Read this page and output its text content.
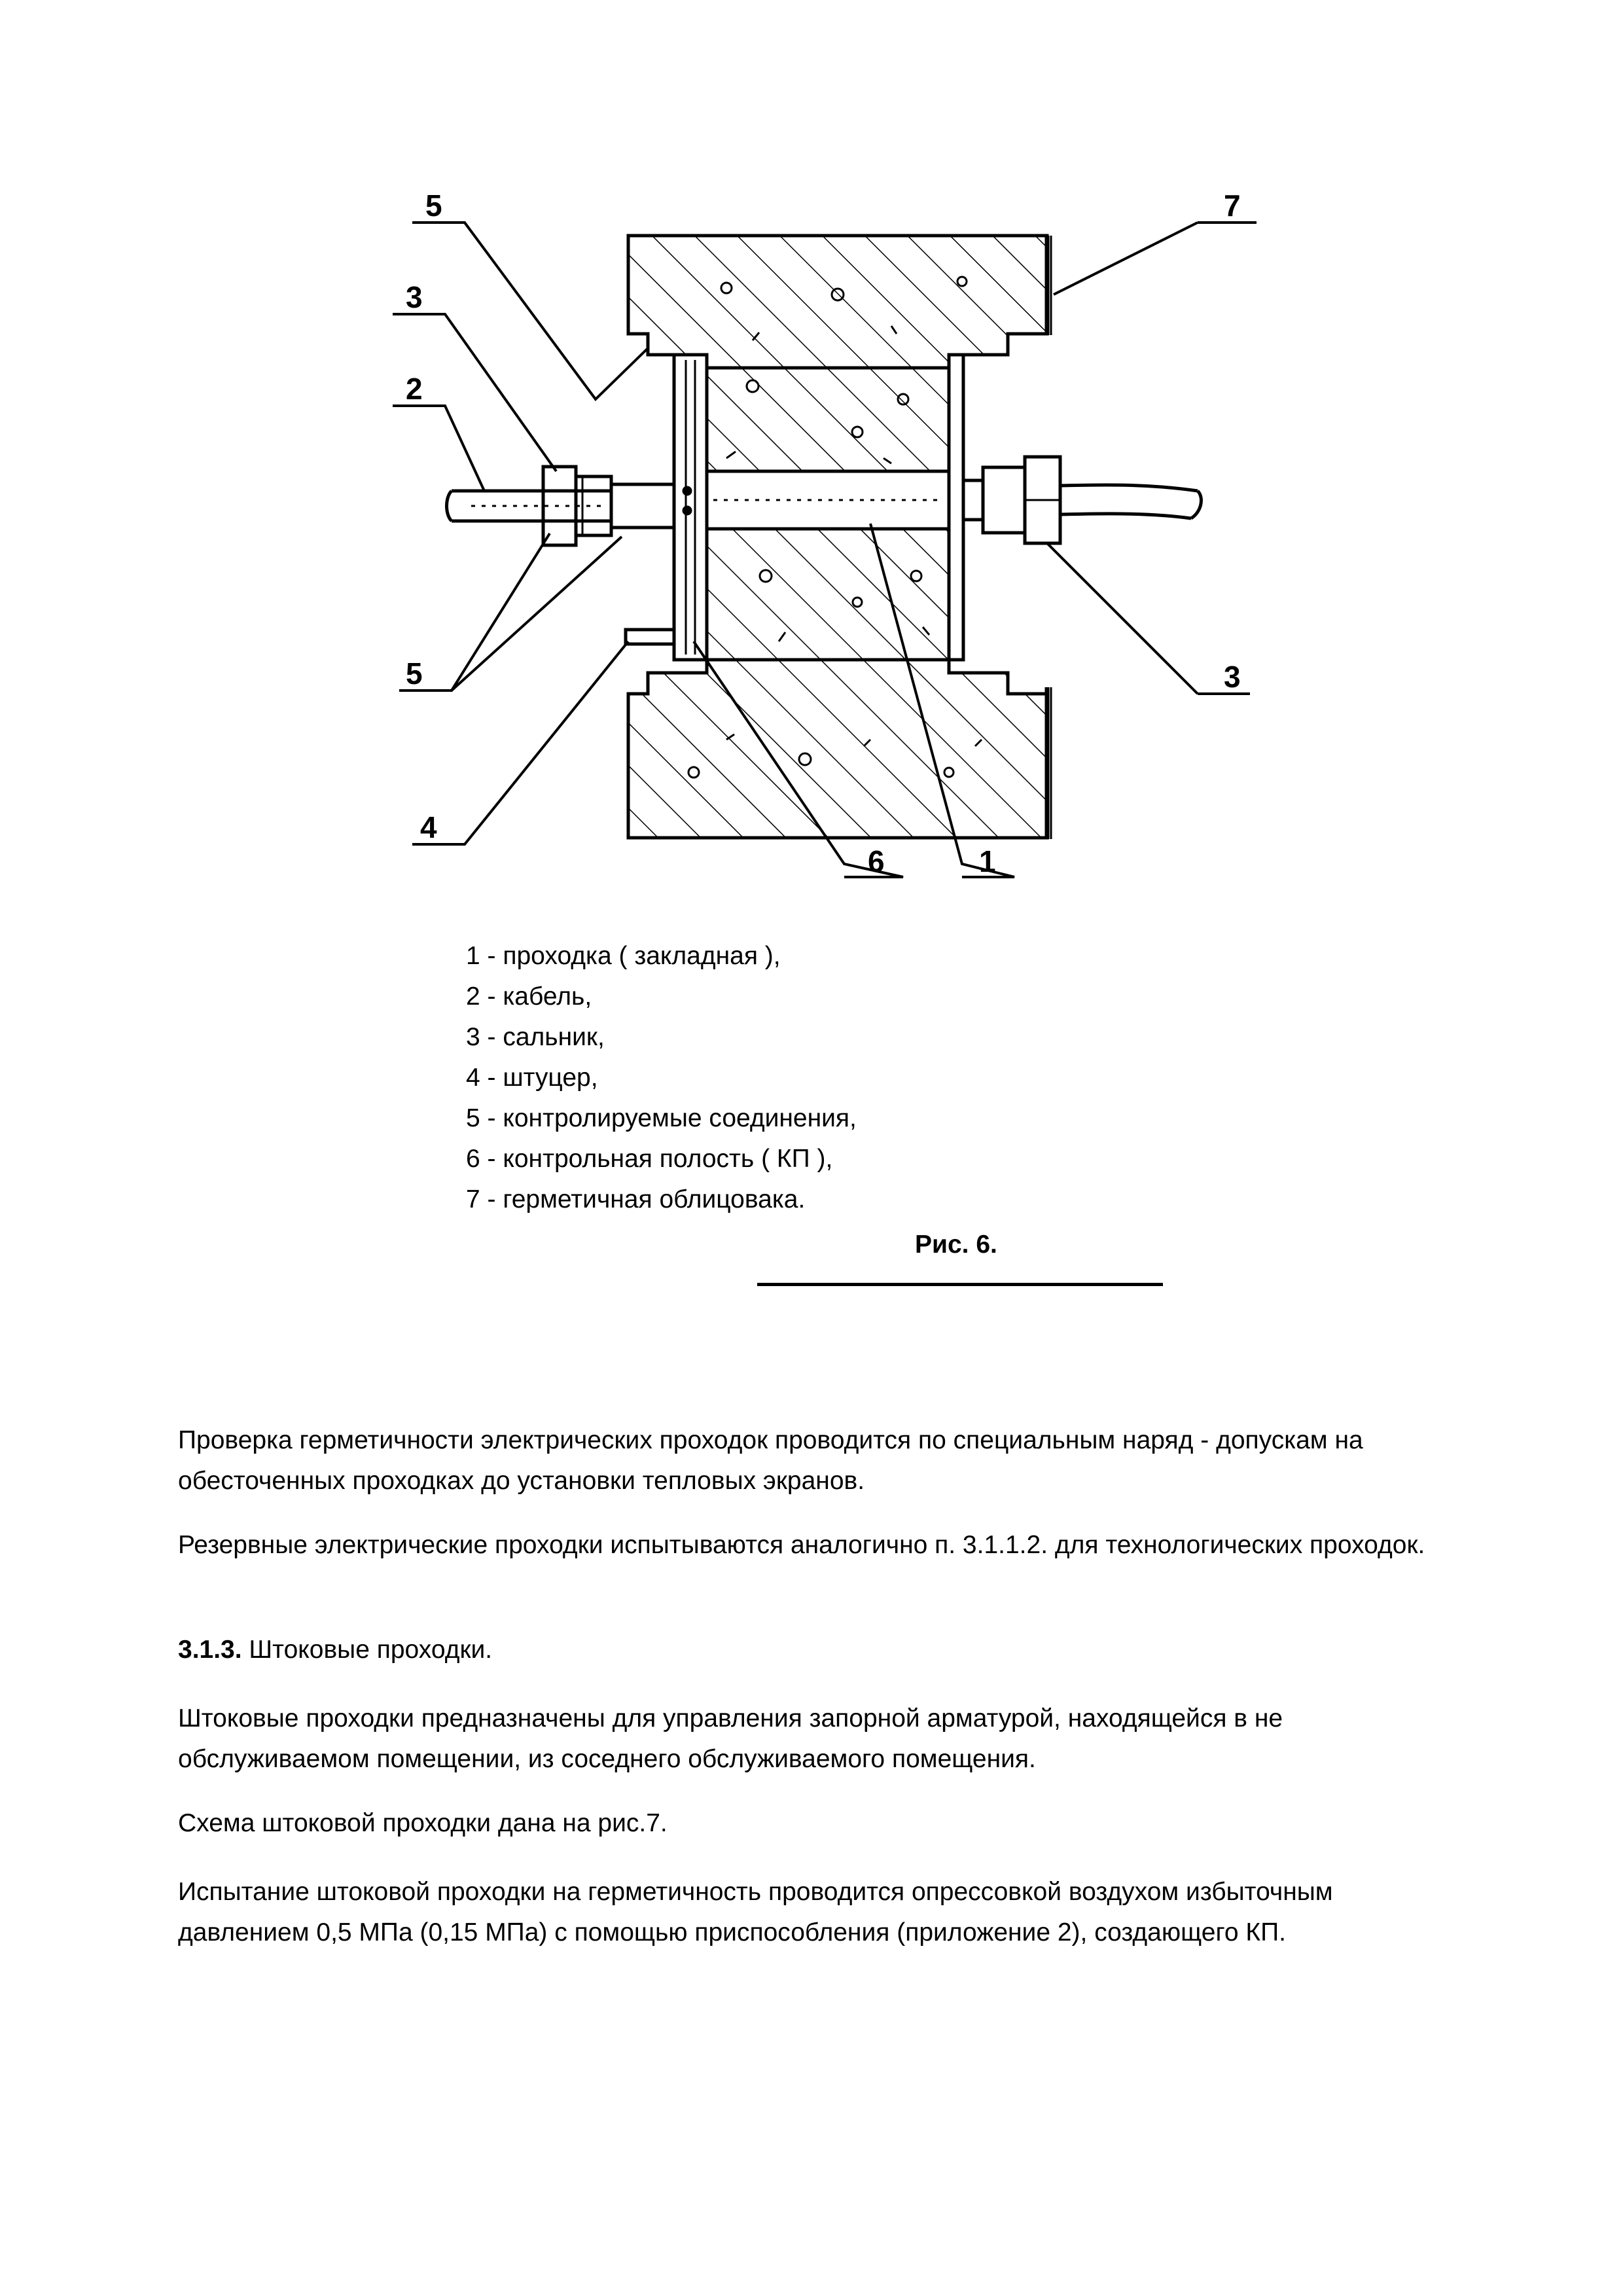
5	7
3
2
5	3
4
6	1
1 - проходка ( закладная ),
2 - кабель,
3 - сальник,
4 - штуцер,
5 - контролируемые соединения,
6 - контрольная полость ( КП ),
7 - герметичная облицовака.
Рис. 6.

Проверка герметичности электрических проходок проводится по специальным наряд - допускам на обесточенных проходках до установки тепловых экранов.

Резервные электрические проходки испытываются аналогично п. 3.1.1.2. для технологических проходок.

3.1.3. Штоковые проходки.

Штоковые проходки предназначены для управления запорной арматурой, находящейся в не обслуживаемом помещении, из соседнего обслуживаемого помещения.

Схема штоковой проходки дана на рис.7.

Испытание штоковой проходки на герметичность проводится опрессовкой воздухом избыточным давлением 0,5 МПа (0,15 МПа) с помощью приспособления (приложение 2), создающего КП.
